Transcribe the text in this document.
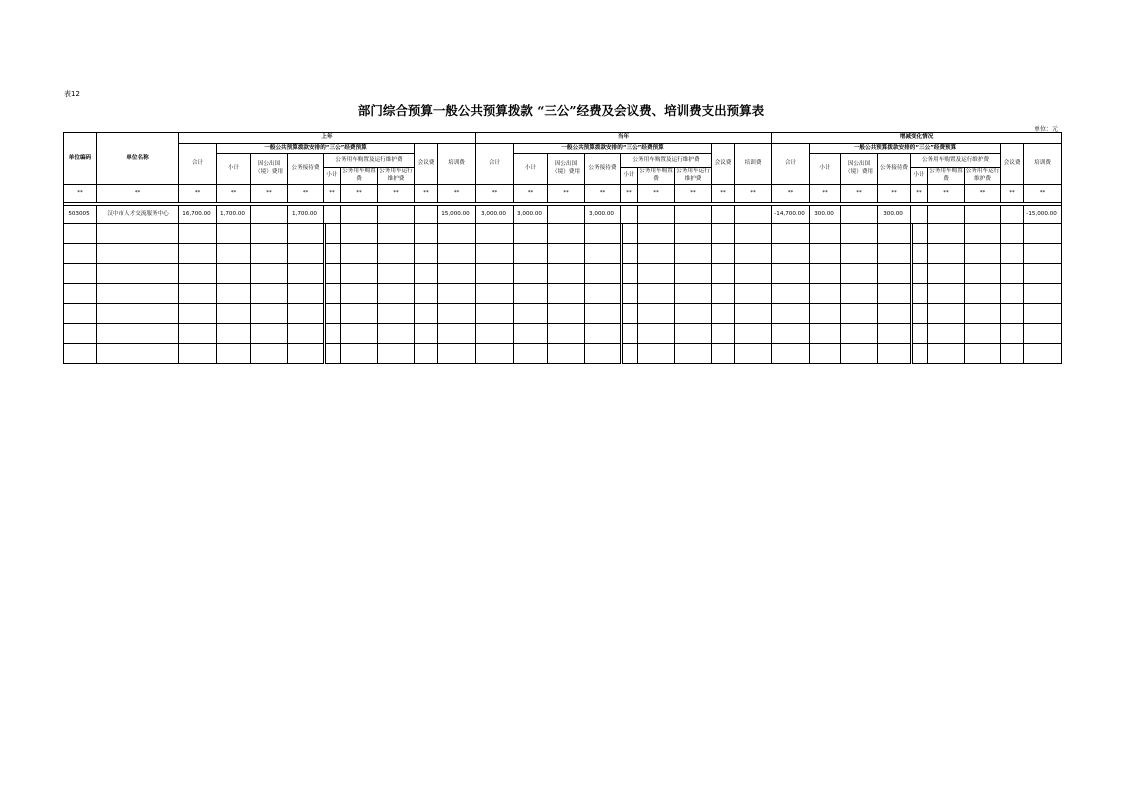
表12
部门综合预算一般公共预算拨款 “三公”经费及会议费、培训费支出预算表
单位：元
单位编码	单位名称	上年										当年										增减变化情况									
		合计	一般公共预算拨款安排的“三公”经费预算							会议费	培训费	合计	一般公共预算拨款安排的“三公”经费预算							会议费	培训费	合计	一般公共预算拨款安排的“三公”经费预算							会议费	培训费
			小计	因公出国（境）费用	公务接待费	公务用车购置及运行维护费							小计	因公出国（境）费用	公务接待费	公务用车购置及运行维护费							小计	因公出国（境）费用	公务接待费	公务用车购置及运行维护费					
						小计		公务用车购置费	公务用车运行维护费							小计		公务用车购置费	公务用车运行维护费							小计		公务用车购置费	公务用车运行维护费		
**	**	**	**	**	**	**		**	**	**	**	**	**	**	**	**		**	**	**	**	**	**	**	**	**		**	**	**	**

503005	汉中市人才交流服务中心	16,700.00	1,700.00		1,700.00						15,000.00	3,000.00	3,000.00		3,000.00							-14,700.00	300.00		300.00						-15,000.00
